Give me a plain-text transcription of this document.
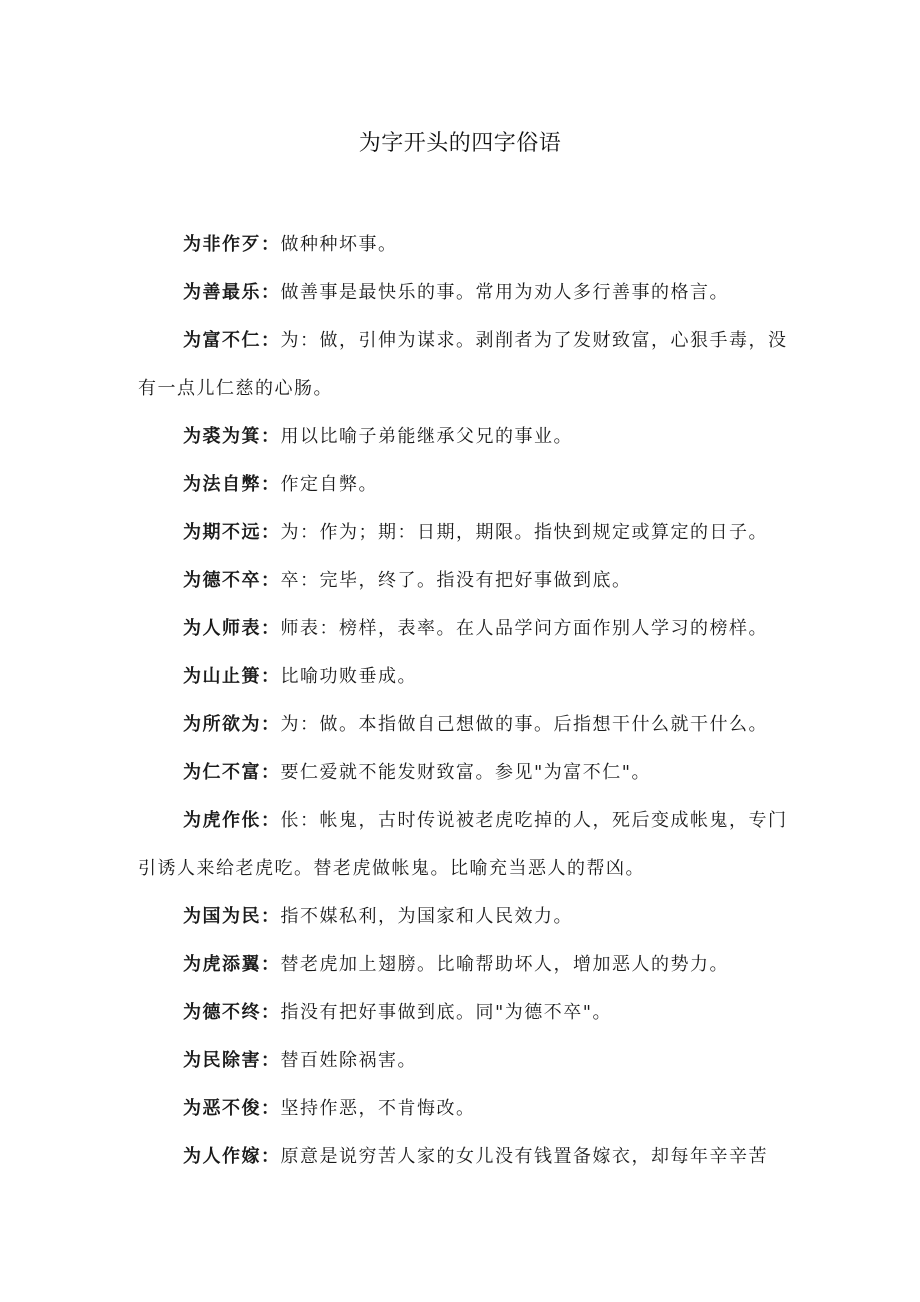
为字开头的四字俗语

为非作歹：做种种坏事。

为善最乐：做善事是最快乐的事。常用为劝人多行善事的格言。

为富不仁：为：做，引伸为谋求。剥削者为了发财致富，心狠手毒，没有一点儿仁慈的心肠。

为裘为箕：用以比喻子弟能继承父兄的事业。

为法自弊：作定自弊。

为期不远：为：作为；期：日期，期限。指快到规定或算定的日子。

为德不卒：卒：完毕，终了。指没有把好事做到底。

为人师表：师表：榜样，表率。在人品学问方面作别人学习的榜样。

为山止篑：比喻功败垂成。

为所欲为：为：做。本指做自己想做的事。后指想干什么就干什么。

为仁不富：要仁爱就不能发财致富。参见"为富不仁"。

为虎作伥：伥：帐鬼，古时传说被老虎吃掉的人，死后变成帐鬼，专门引诱人来给老虎吃。替老虎做帐鬼。比喻充当恶人的帮凶。

为国为民：指不媒私利，为国家和人民效力。

为虎添翼：替老虎加上翅膀。比喻帮助坏人，增加恶人的势力。

为德不终：指没有把好事做到底。同"为德不卒"。

为民除害：替百姓除祸害。

为恶不俊：坚持作恶，不肯悔改。

为人作嫁：原意是说穷苦人家的女儿没有钱置备嫁衣，却每年辛辛苦
